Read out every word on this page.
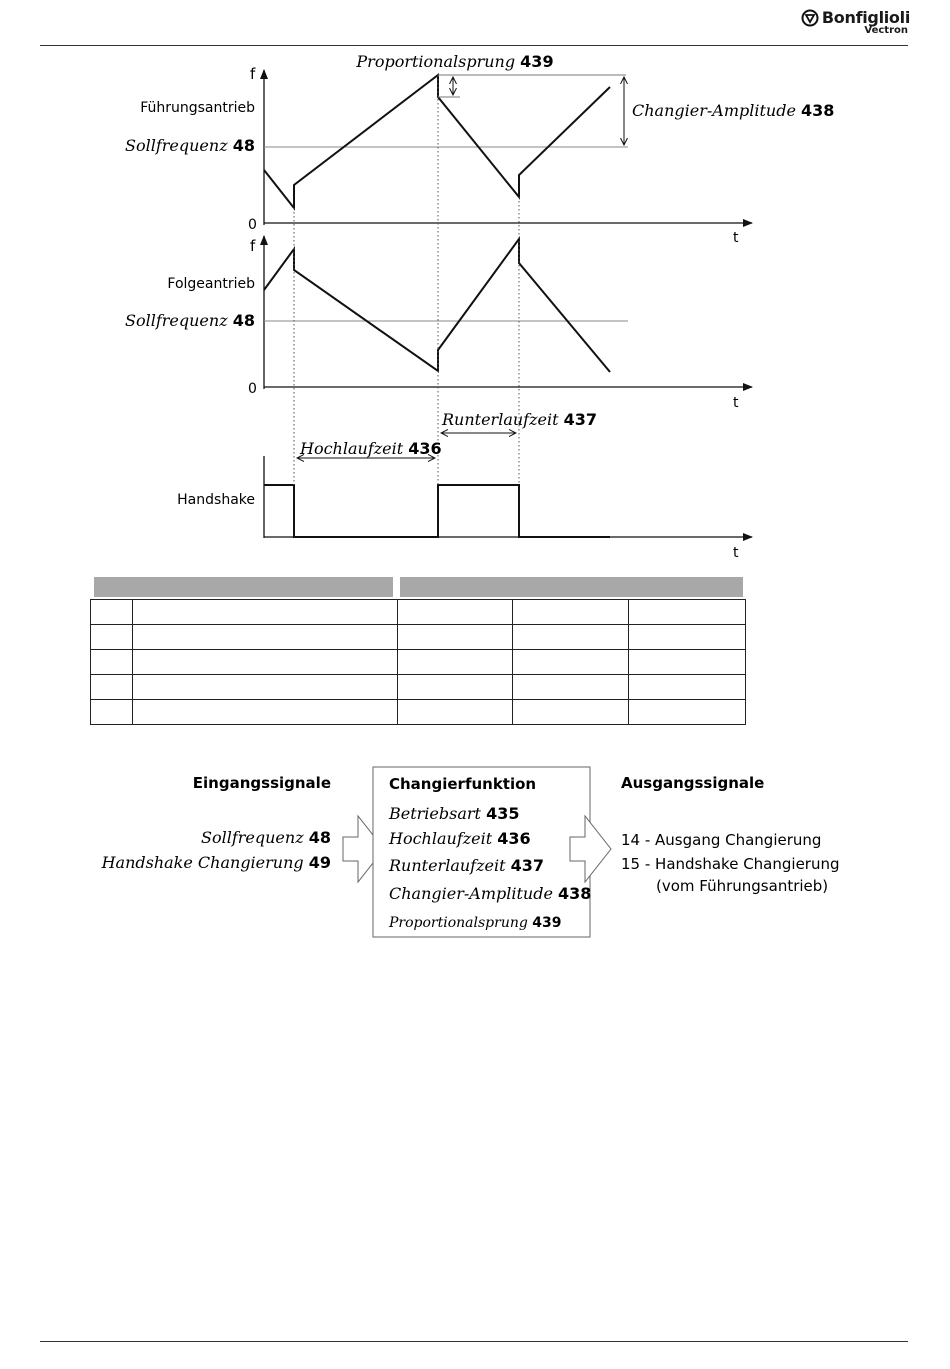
Bonfiglioli
Vectron
f
0
t
Führungsantrieb
Sollfrequenz 48
Proportionalsprung 439
Changier-Amplitude 438
f
0
t
Folgeantrieb
Sollfrequenz 48
t
Handshake
Runterlaufzeit 437
Hochlaufzeit 436

Eingangssignale
Sollfrequenz 48
Handshake Changierung 49
Changierfunktion
Betriebsart 435
Hochlaufzeit 436
Runterlaufzeit 437
Changier-Amplitude 438
Proportionalsprung 439
Ausgangssignale
14 - Ausgang Changierung
15 - Handshake Changierung
(vom Führungsantrieb)
